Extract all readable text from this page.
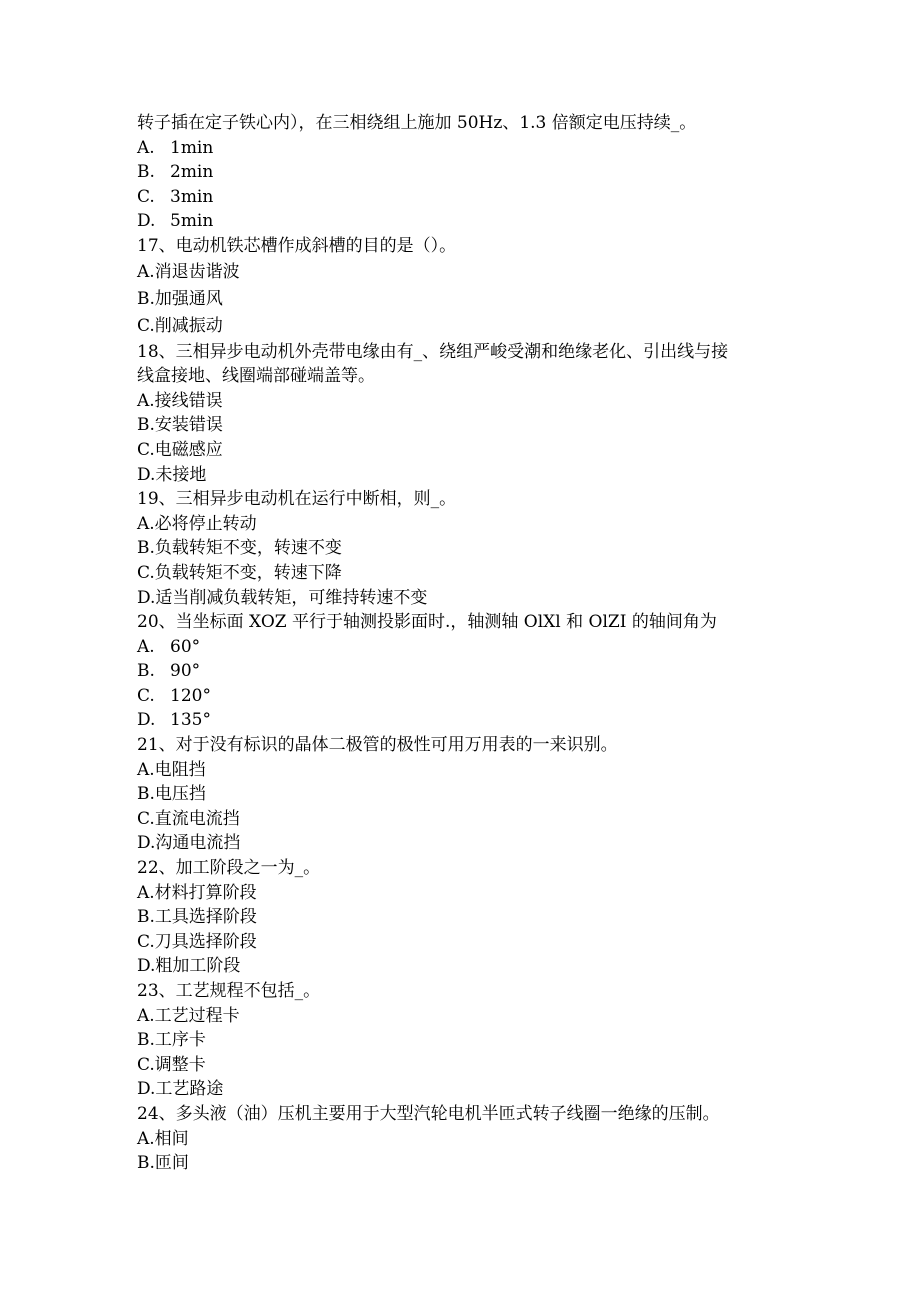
转子插在定子铁心内），在三相绕组上施加 50Hz、1.3 倍额定电压持续_。
A. 1min
B. 2min
C. 3min
D. 5min
17、电动机铁芯槽作成斜槽的目的是（）。
A.消退齿谐波
B.加强通风
C.削减振动
18、三相异步电动机外壳带电缘由有_、绕组严峻受潮和绝缘老化、引出线与接
线盒接地、线圈端部碰端盖等。
A.接线错误
B.安装错误
C.电磁感应
D.未接地
19、三相异步电动机在运行中断相，则_。
A.必将停止转动
B.负载转矩不变，转速不变
C.负载转矩不变，转速下降
D.适当削减负载转矩，可维持转速不变
20、当坐标面 XOZ 平行于轴测投影面时.，轴测轴 OlXl 和 OlZI 的轴间角为
A. 60°
B. 90°
C. 120°
D. 135°
21、对于没有标识的晶体二极管的极性可用万用表的一来识别。
A.电阻挡
B.电压挡
C.直流电流挡
D.沟通电流挡
22、加工阶段之一为_。
A.材料打算阶段
B.工具选择阶段
C.刀具选择阶段
D.粗加工阶段
23、工艺规程不包括_。
A.工艺过程卡
B.工序卡
C.调整卡
D.工艺路途
24、多头液（油）压机主要用于大型汽轮电机半匝式转子线圈一绝缘的压制。
A.相间
B.匝间
